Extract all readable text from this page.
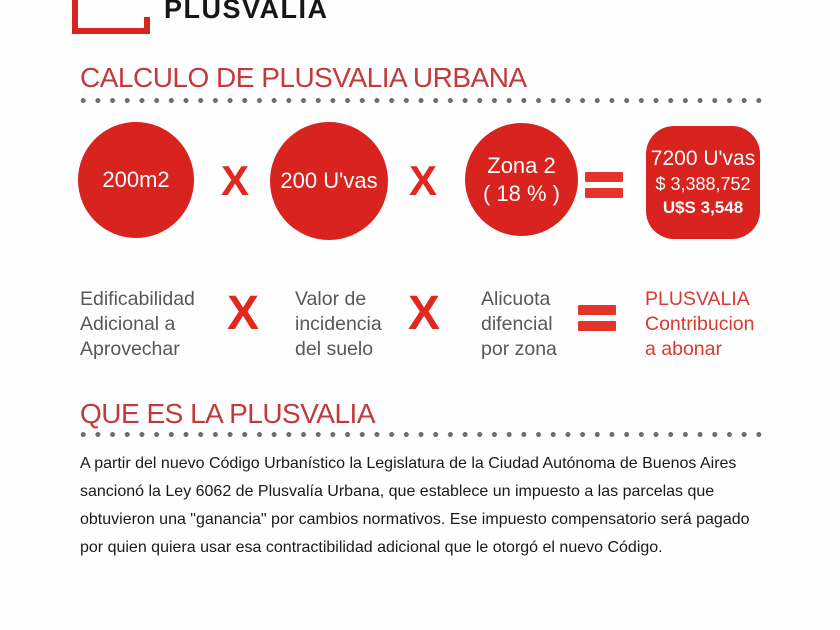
PLUSVALIA
CALCULO DE PLUSVALIA URBANA
200m2 X	200 U'vas X	Zona 2
( 18 % )
7200 U'vas
$ 3,388,752
U$S 3,548
Edificabilidad
Adicional a
Aprovechar
X	Valor de
incidencia
del suelo
X	Alicuota
difencial
por zona
PLUSVALIA
Contribucion
a abonar
QUE ES LA PLUSVALIA

A partir del nuevo Código Urbanístico la Legislatura de la Ciudad Autónoma de Buenos Aires sancionó la Ley 6062 de Plusvalía Urbana, que establece un impuesto a las parcelas que obtuvieron una "ganancia" por cambios normativos. Ese impuesto compensatorio será pagado por quien quiera usar esa contractibilidad adicional que le otorgó el nuevo Código.
